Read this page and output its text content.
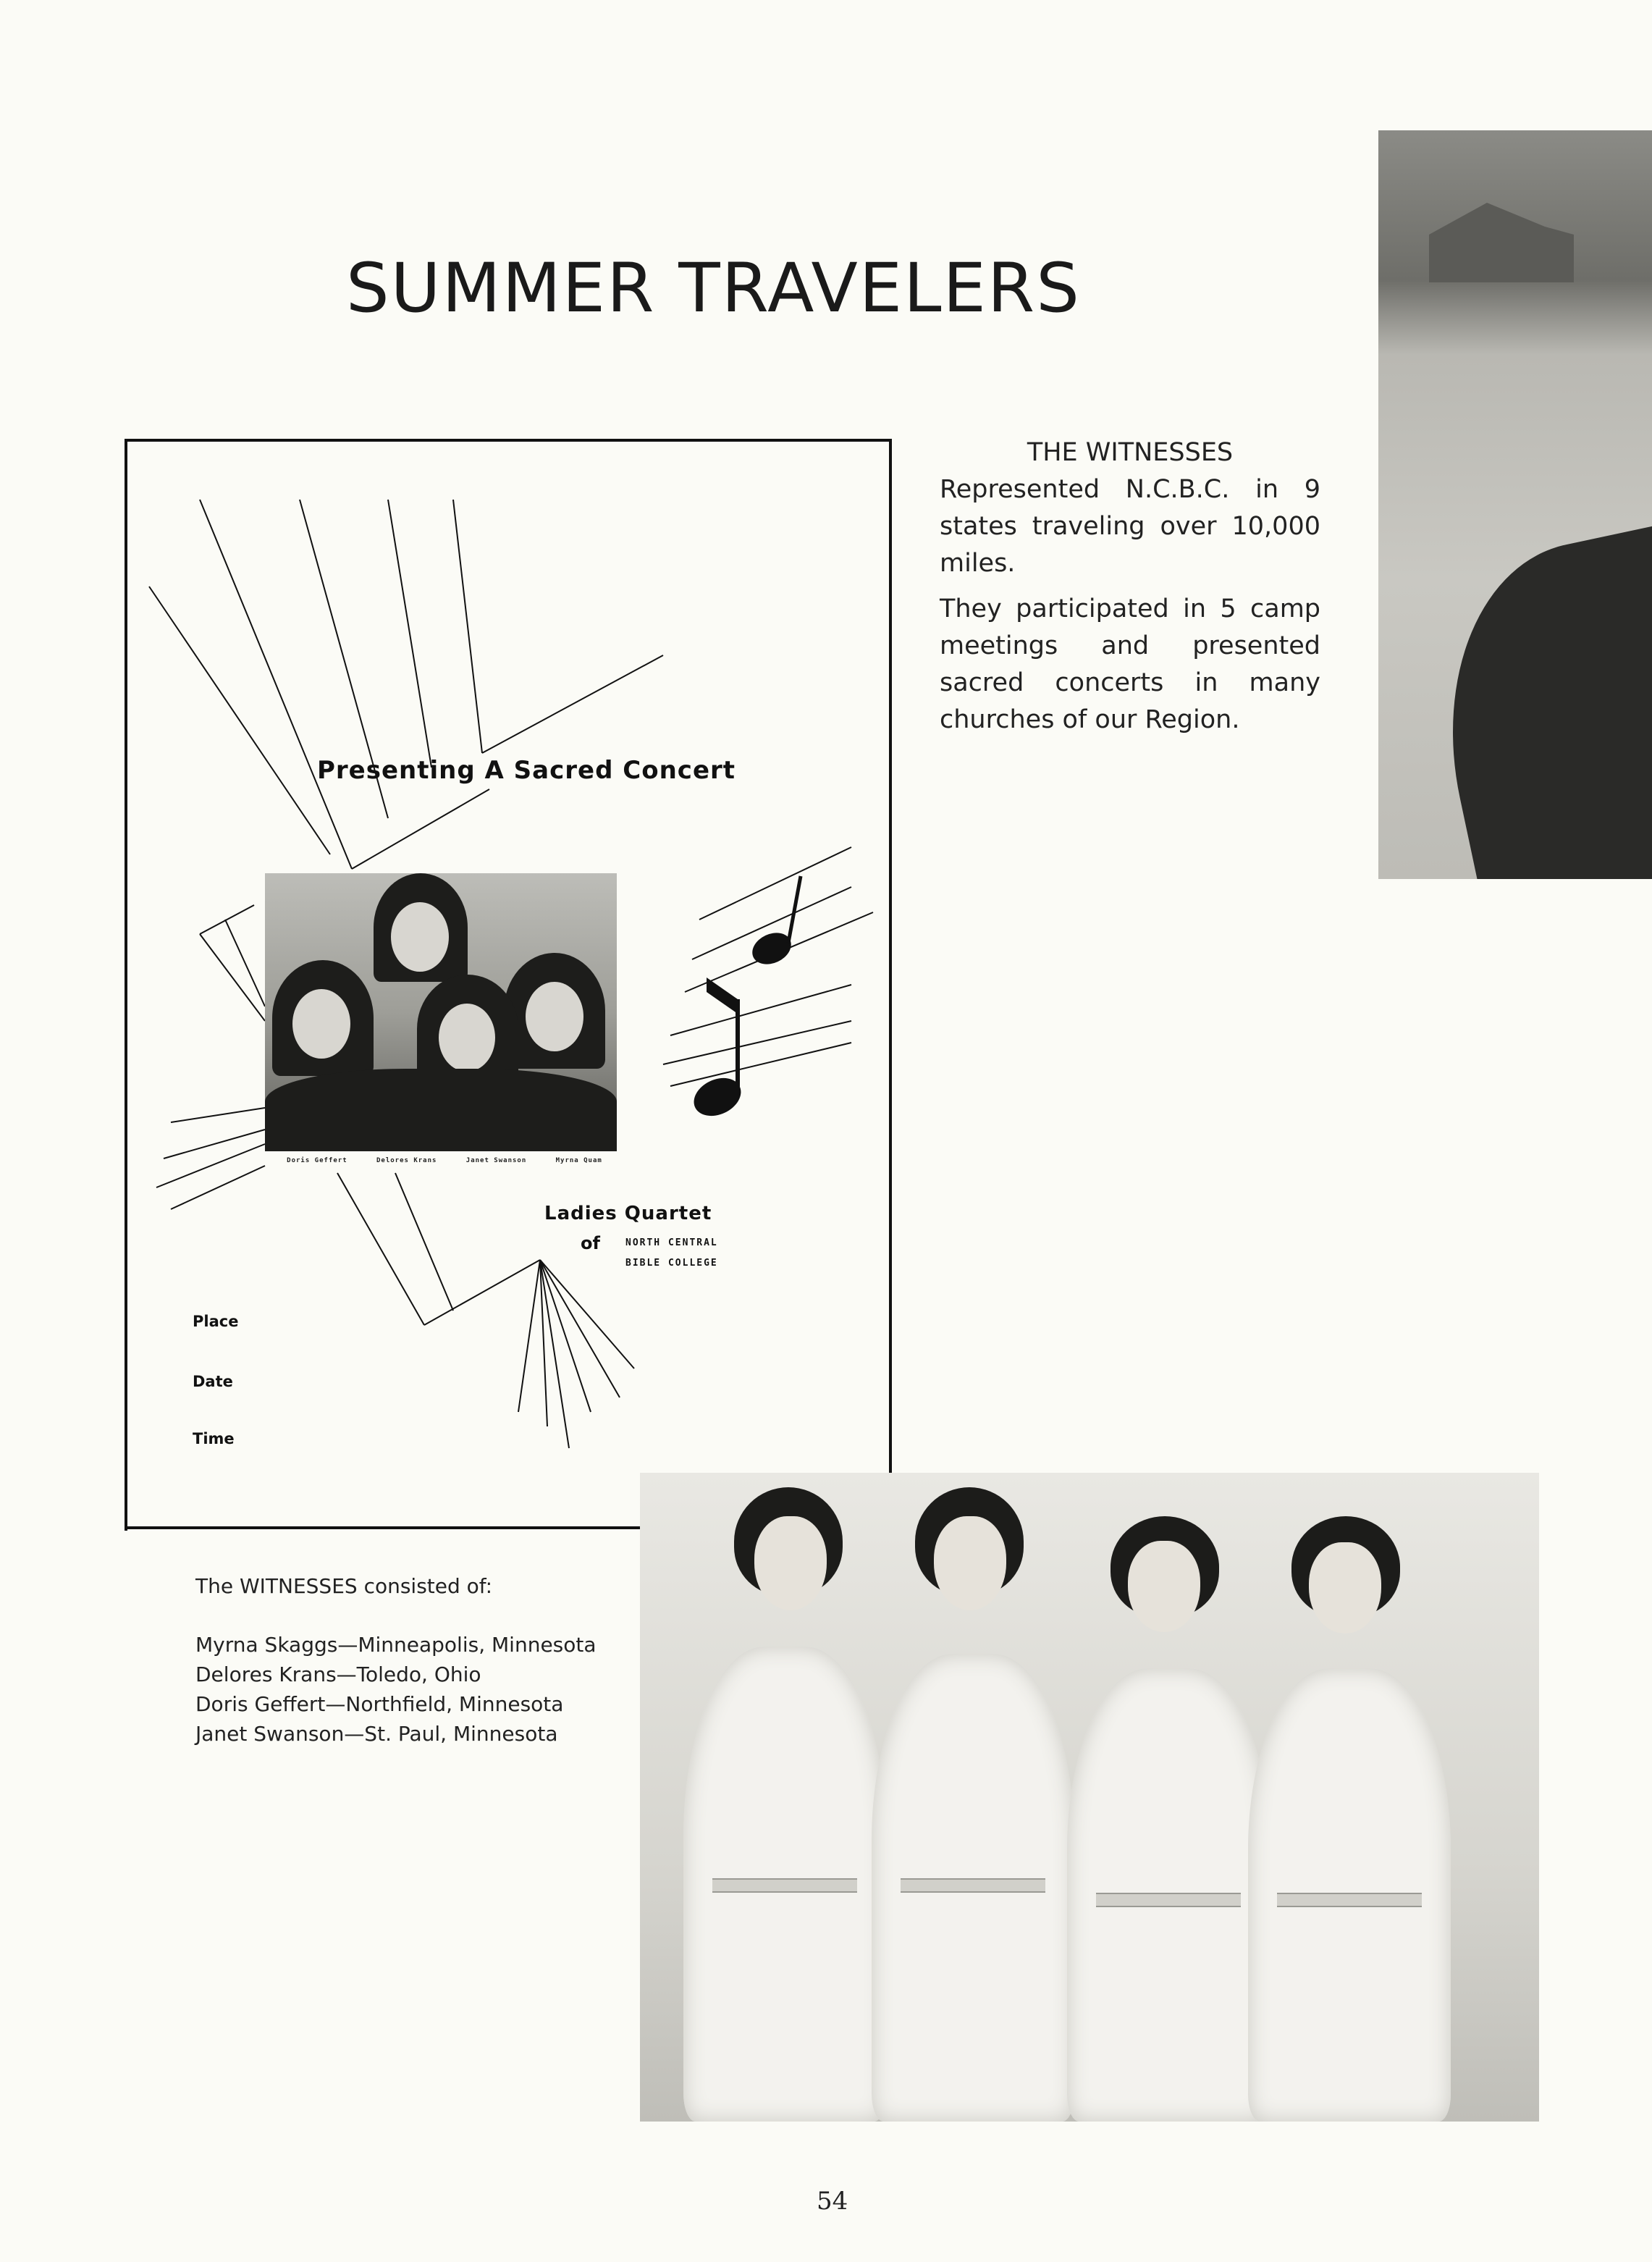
SUMMER TRAVELERS
THE WITNESSES

Represented N.C.B.C. in 9 states traveling over 10,000 miles.

They participated in 5 camp meetings and presented sacred concerts in many churches of our Region.

Presenting A Sacred Concert
Ladies Quartet
of	NORTH CENTRAL
BIBLE COLLEGE
Place
Date
Time
Doris Geffert	Delores Krans	Janet Swanson	Myrna Quam
The WITNESSES consisted of:
Myrna Skaggs—Minneapolis, Minnesota
Delores Krans—Toledo, Ohio
Doris Geffert—Northfield, Minnesota
Janet Swanson—St. Paul, Minnesota
54
